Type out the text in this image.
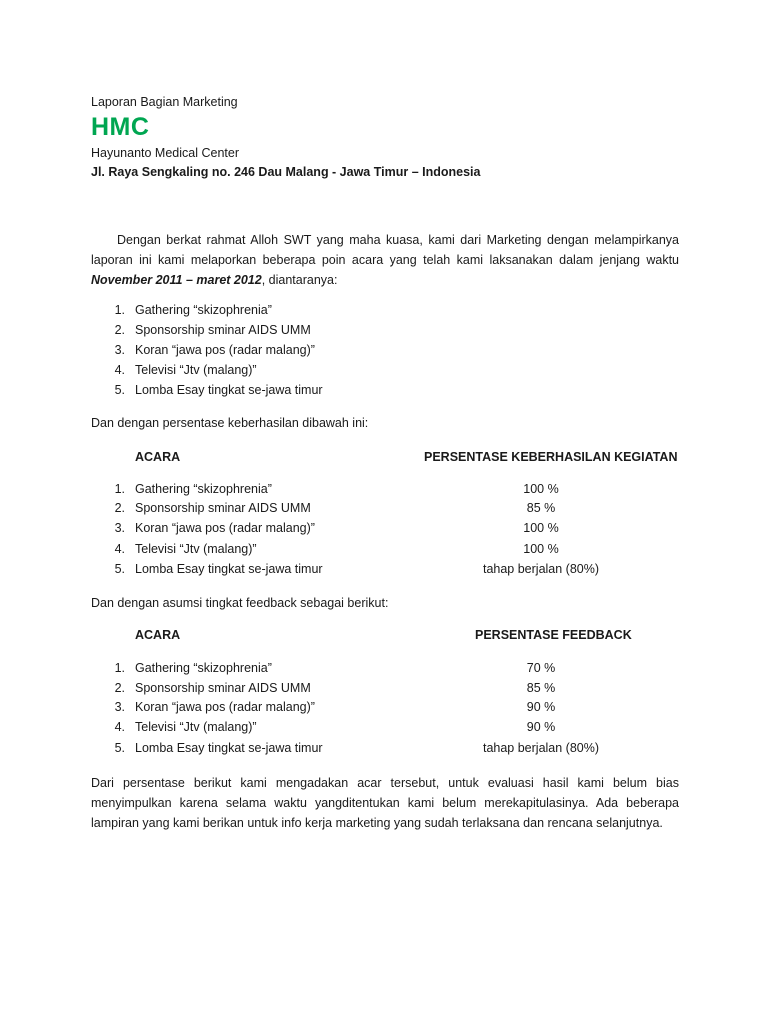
Laporan Bagian Marketing
HMC
Hayunanto Medical Center
Jl. Raya Sengkaling no. 246 Dau Malang - Jawa Timur – Indonesia
Dengan berkat rahmat Alloh SWT yang maha kuasa, kami dari Marketing dengan melampirkanya laporan ini kami melaporkan beberapa poin acara yang telah kami laksanakan dalam jenjang waktu November 2011 – maret 2012, diantaranya:
1. Gathering “skizophrenia”
2. Sponsorship sminar AIDS UMM
3. Koran “jawa pos (radar malang)”
4. Televisi “Jtv (malang)”
5. Lomba Esay tingkat se-jawa timur
Dan dengan persentase keberhasilan dibawah ini:
ACARA	PERSENTASE KEBERHASILAN KEGIATAN
1. Gathering “skizophrenia”	100 %
2. Sponsorship sminar AIDS UMM	85 %
3. Koran “jawa pos (radar malang)”	100 %
4. Televisi “Jtv (malang)”	100 %
5. Lomba Esay tingkat se-jawa timur	tahap berjalan (80%)
Dan dengan asumsi tingkat feedback sebagai berikut:
ACARA	PERSENTASE FEEDBACK
1. Gathering “skizophrenia”	70 %
2. Sponsorship sminar AIDS UMM	85 %
3. Koran “jawa pos (radar malang)”	90 %
4. Televisi “Jtv (malang)”	90 %
5. Lomba Esay tingkat se-jawa timur	tahap berjalan (80%)
Dari persentase berikut kami mengadakan acar tersebut, untuk evaluasi hasil kami belum bias menyimpulkan karena selama waktu yangditentukan kami belum merekapitulasinya. Ada beberapa lampiran yang kami berikan untuk info kerja marketing yang sudah terlaksana dan rencana selanjutnya.
